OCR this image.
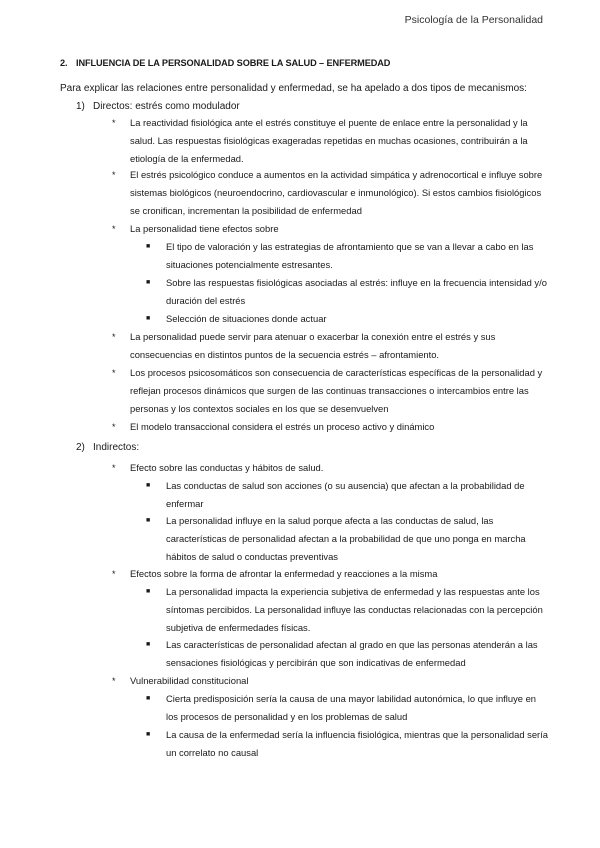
Psicología de la Personalidad
2. INFLUENCIA DE LA PERSONALIDAD SOBRE LA SALUD – ENFERMEDAD
Para explicar las relaciones entre personalidad y enfermedad, se ha apelado a dos tipos de mecanismos:
1) Directos: estrés como modulador
*	La reactividad fisiológica ante el estrés constituye el puente de enlace entre la personalidad y la salud. Las respuestas fisiológicas exageradas repetidas en muchas ocasiones, contribuirán a la etiología de la enfermedad.
*	El estrés psicológico conduce a aumentos en la actividad simpática y adrenocortical e influye sobre sistemas biológicos (neuroendocrino, cardiovascular e inmunológico). Si estos cambios fisiológicos se cronifican, incrementan la posibilidad de enfermedad
*	La personalidad tiene efectos sobre
■	El tipo de valoración y las estrategias de afrontamiento que se van a llevar a cabo en las situaciones potencialmente estresantes.
■	Sobre las respuestas fisiológicas asociadas al estrés: influye en la frecuencia intensidad y/o duración del estrés
■	Selección de situaciones donde actuar
*	La personalidad puede servir para atenuar o exacerbar la conexión entre el estrés y sus consecuencias en distintos puntos de la secuencia estrés – afrontamiento.
*	Los procesos psicosomáticos son consecuencia de características específicas de la personalidad y reflejan procesos dinámicos que surgen de las continuas transacciones o intercambios entre las personas y los contextos sociales en los que se desenvuelven
*	El modelo transaccional considera el estrés un proceso activo y dinámico
2) Indirectos:
*	Efecto sobre las conductas y hábitos de salud.
■	Las conductas de salud son acciones (o su ausencia) que afectan a la probabilidad de enfermar
■	La personalidad influye en la salud porque afecta a las conductas de salud, las características de personalidad afectan a la probabilidad de que uno ponga en marcha hábitos de salud o conductas preventivas
*	Efectos sobre la forma de afrontar la enfermedad y reacciones a la misma
■	La personalidad impacta la experiencia subjetiva de enfermedad y las respuestas ante los síntomas percibidos. La personalidad influye las conductas relacionadas con la percepción subjetiva de enfermedades físicas.
■	Las características de personalidad afectan al grado en que las personas atenderán a las sensaciones fisiológicas y percibirán que son indicativas de enfermedad
*	Vulnerabilidad constitucional
■	Cierta predisposición sería la causa de una mayor labilidad autonómica, lo que influye en los procesos de personalidad y en los problemas de salud
■	La causa de la enfermedad sería la influencia fisiológica, mientras que la personalidad sería un correlato no causal
